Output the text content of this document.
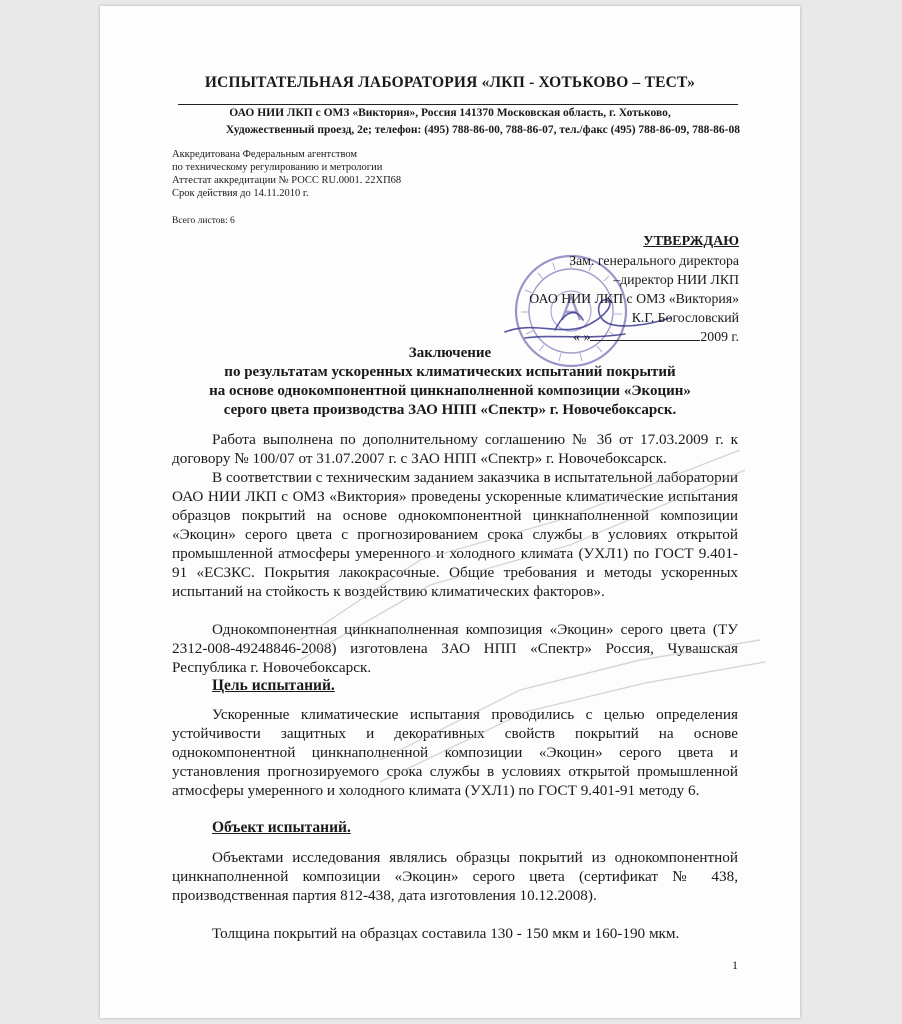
ИСПЫТАТЕЛЬНАЯ ЛАБОРАТОРИЯ «ЛКП - ХОТЬКОВО – ТЕСТ»
ОАО НИИ ЛКП с ОМЗ «Виктория», Россия 141370 Московская область, г. Хотьково,
Художественный проезд, 2е; телефон: (495) 788-86-00, 788-86-07, тел./факс (495) 788-86-09, 788-86-08
Аккредитована Федеральным агентством
по техническому регулированию и метрологии
Аттестат аккредитации № РОСС RU.0001. 22ХП68
Срок действия до 14.11.2010 г.
Всего листов: 6
УТВЕРЖДАЮ
Зам. генерального директора
–директор НИИ ЛКП
ОАО НИИ ЛКП с ОМЗ «Виктория»
К.Г. Богословский
« »	2009 г.
Заключение
по результатам ускоренных климатических испытаний покрытий
на основе однокомпонентной цинкнаполненной композиции «Экоцин»
серого цвета производства ЗАО НПП «Спектр» г. Новочебоксарск.
Работа выполнена по дополнительному соглашению № 3б от 17.03.2009 г. к договору № 100/07 от 31.07.2007 г. с ЗАО НПП «Спектр» г. Новочебоксарск.
В соответствии с техническим заданием заказчика в испытательной лаборатории ОАО НИИ ЛКП с ОМЗ «Виктория» проведены ускоренные климатические испытания образцов покрытий на основе однокомпонентной цинкнаполненной композиции «Экоцин» серого цвета с прогнозированием срока службы в условиях открытой промышленной атмосферы умеренного и холодного климата (УХЛ1) по ГОСТ 9.401-91 «ЕСЗКС. Покрытия лакокрасочные. Общие требования и методы ускоренных испытаний на стойкость к воздействию климатических факторов».
Однокомпонентная цинкнаполненная композиция «Экоцин» серого цвета (ТУ 2312-008-49248846-2008) изготовлена ЗАО НПП «Спектр» Россия, Чувашская Республика г. Новочебоксарск.
Цель испытаний.
Ускоренные климатические испытания проводились с целью определения устойчивости защитных и декоративных свойств покрытий на основе однокомпонентной цинкнаполненной композиции «Экоцин» серого цвета и установления прогнозируемого срока службы в условиях открытой промышленной атмосферы умеренного и холодного климата (УХЛ1) по ГОСТ 9.401-91 методу 6.
Объект испытаний.
Объектами исследования являлись образцы покрытий из однокомпонентной цинкнаполненной композиции «Экоцин» серого цвета (сертификат № 438, производственная партия 812-438, дата изготовления 10.12.2008).
Толщина покрытий на образцах составила 130 - 150 мкм и 160-190 мкм.
1
